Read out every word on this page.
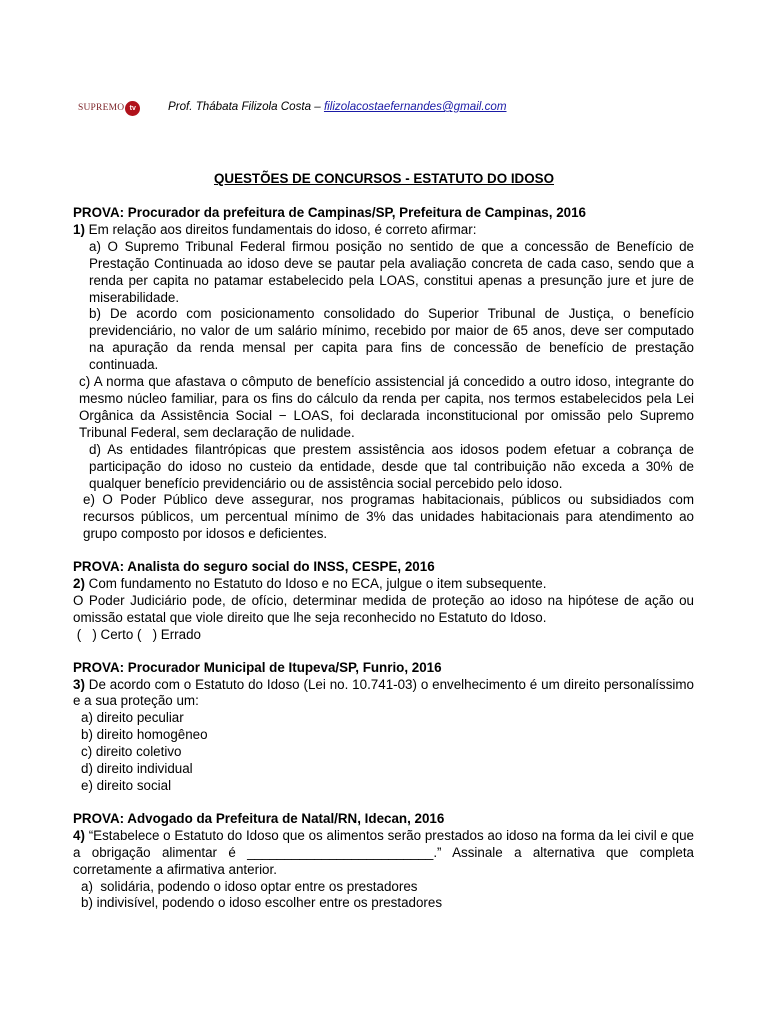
SUPREMO tv	Prof. Thábata Filizola Costa – filizolacostaefernandes@gmail.com
QUESTÕES DE CONCURSOS - ESTATUTO DO IDOSO

PROVA: Procurador da prefeitura de Campinas/SP, Prefeitura de Campinas, 2016

1) Em relação aos direitos fundamentais do idoso, é correto afirmar:

a) O Supremo Tribunal Federal firmou posição no sentido de que a concessão de Benefício de Prestação Continuada ao idoso deve se pautar pela avaliação concreta de cada caso, sendo que a renda per capita no patamar estabelecido pela LOAS, constitui apenas a presunção jure et jure de miserabilidade.

b) De acordo com posicionamento consolidado do Superior Tribunal de Justiça, o benefício previdenciário, no valor de um salário mínimo, recebido por maior de 65 anos, deve ser computado na apuração da renda mensal per capita para fins de concessão de benefício de prestação continuada.

c) A norma que afastava o cômputo de benefício assistencial já concedido a outro idoso, integrante do mesmo núcleo familiar, para os fins do cálculo da renda per capita, nos termos estabelecidos pela Lei Orgânica da Assistência Social − LOAS, foi declarada inconstitucional por omissão pelo Supremo Tribunal Federal, sem declaração de nulidade.

d) As entidades filantrópicas que prestem assistência aos idosos podem efetuar a cobrança de participação do idoso no custeio da entidade, desde que tal contribuição não exceda a 30% de qualquer benefício previdenciário ou de assistência social percebido pelo idoso.

e) O Poder Público deve assegurar, nos programas habitacionais, públicos ou subsidiados com recursos públicos, um percentual mínimo de 3% das unidades habitacionais para atendimento ao grupo composto por idosos e deficientes.

PROVA: Analista do seguro social do INSS, CESPE, 2016

2) Com fundamento no Estatuto do Idoso e no ECA, julgue o item subsequente.

O Poder Judiciário pode, de ofício, determinar medida de proteção ao idoso na hipótese de ação ou omissão estatal que viole direito que lhe seja reconhecido no Estatuto do Idoso.

(   ) Certo (   ) Errado

PROVA: Procurador Municipal de Itupeva/SP, Funrio, 2016

3) De acordo com o Estatuto do Idoso (Lei no. 10.741-03) o envelhecimento é um direito personalíssimo e a sua proteção um:

a) direito peculiar

b) direito homogêneo

c) direito coletivo

d) direito individual

e) direito social

PROVA: Advogado da Prefeitura de Natal/RN, Idecan, 2016

4) “Estabelece o Estatuto do Idoso que os alimentos serão prestados ao idoso na forma da lei civil e que a obrigação alimentar é _________________________.” Assinale a alternativa que completa corretamente a afirmativa anterior.

a)  solidária, podendo o idoso optar entre os prestadores

b) indivisível, podendo o idoso escolher entre os prestadores
